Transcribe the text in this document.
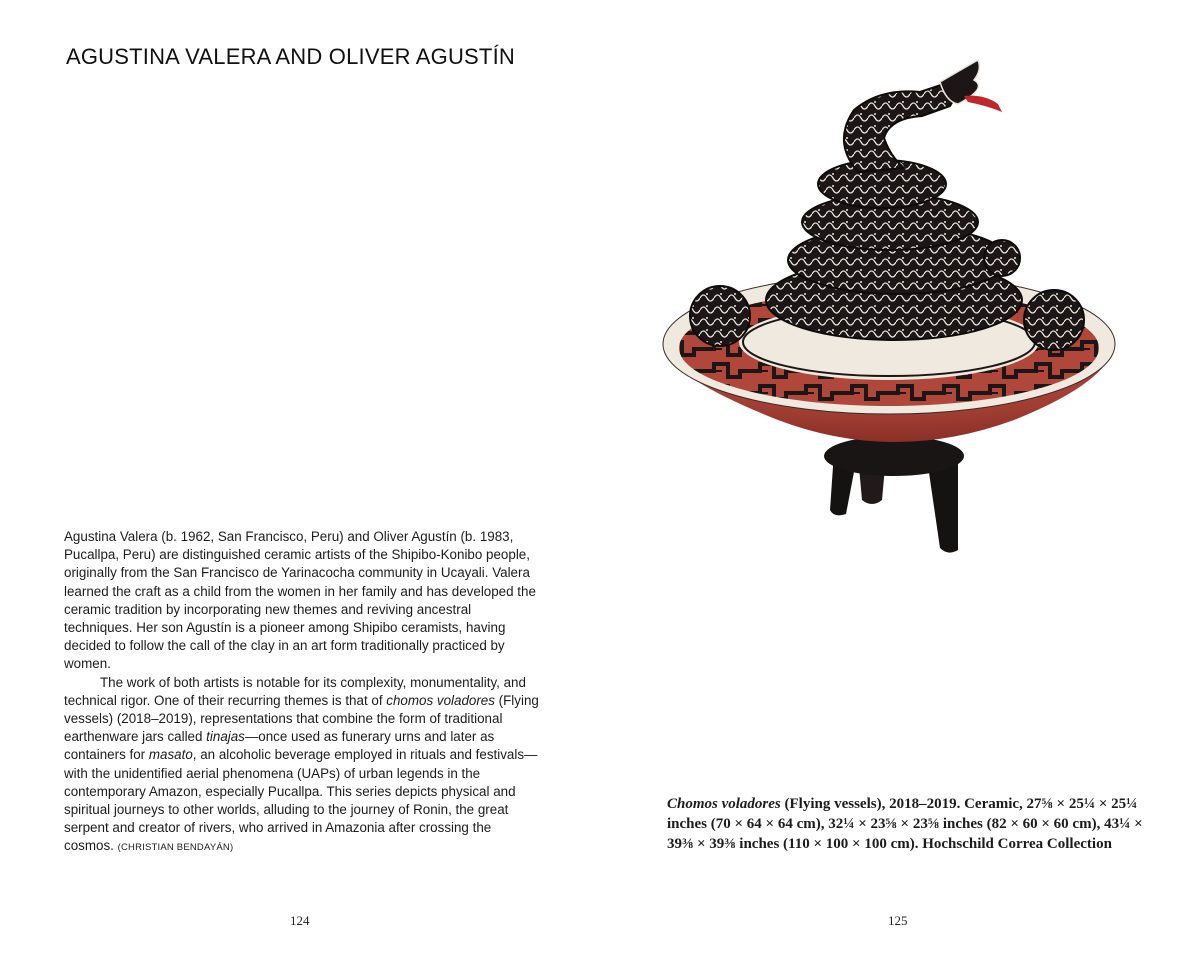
AGUSTINA VALERA AND OLIVER AGUSTÍN

Agustina Valera (b. 1962, San Francisco, Peru) and Oliver Agustín (b. 1983, Pucallpa, Peru) are distinguished ceramic artists of the Shipibo-Konibo people, originally from the San Francisco de Yarinacocha community in Ucayali. Valera learned the craft as a child from the women in her family and has developed the ceramic tradition by incorporating new themes and reviving ancestral techniques. Her son Agustín is a pioneer among Shipibo ceramists, having decided to follow the call of the clay in an art form traditionally practiced by women.

The work of both artists is notable for its complexity, monumentality, and technical rigor. One of their recurring themes is that of chomos voladores (Flying vessels) (2018–2019), representations that combine the form of traditional earthenware jars called tinajas—once used as funerary urns and later as containers for masato, an alcoholic beverage employed in rituals and festivals—with the unidentified aerial phenomena (UAPs) of urban legends in the contemporary Amazon, especially Pucallpa. This series depicts physical and spiritual journeys to other worlds, alluding to the journey of Ronin, the great serpent and creator of rivers, who arrived in Amazonia after crossing the cosmos. (CHRISTIAN BENDAYÁN)

124
Chomos voladores (Flying vessels), 2018–2019. Ceramic, 27⅝ × 25¼ × 25¼ inches (70 × 64 × 64 cm), 32¼ × 23⅝ × 23⅝ inches (82 × 60 × 60 cm), 43¼ × 39⅜ × 39⅜ inches (110 × 100 × 100 cm). Hochschild Correa Collection
125
